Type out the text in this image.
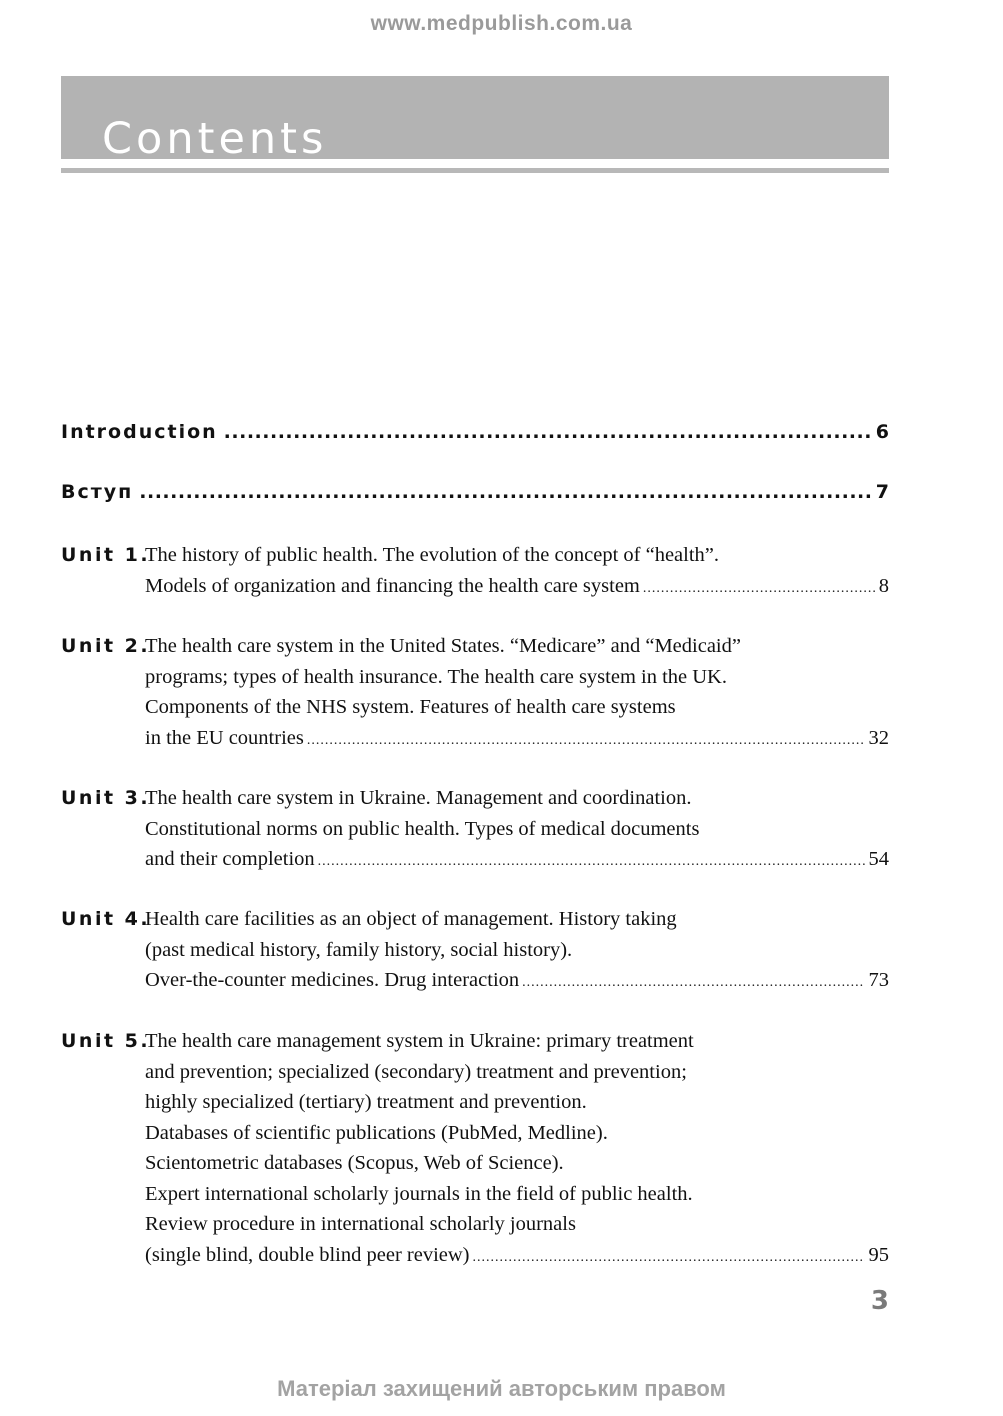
www.medpublish.com.ua
Contents
Introduction .....	6
Вступ .....	7
Unit 1.
The history of public health. The evolution of the concept of “health”.
Models of organization and financing the health care system .....	8
Unit 2.
The health care system in the United States. “Medicare” and “Medicaid”
programs; types of health insurance. The health care system in the UK.
Components of the NHS system. Features of health care systems
in the EU countries .....	32
Unit 3.
The health care system in Ukraine. Management and coordination.
Constitutional norms on public health. Types of medical documents
and their completion .....	54
Unit 4.
Health care facilities as an object of management. History taking
(past medical history, family history, social history).
Over-the-counter medicines. Drug interaction .....	73
Unit 5.
The health care management system in Ukraine: primary treatment
and prevention; specialized (secondary) treatment and prevention;
highly specialized (tertiary) treatment and prevention.
Databases of scientific publications (PubMed, Medline).
Scientometric databases (Scopus, Web of Science).
Expert international scholarly journals in the field of public health.
Review procedure in international scholarly journals
(single blind, double blind peer review) .....	95
3
Матеріал захищений авторським правом
